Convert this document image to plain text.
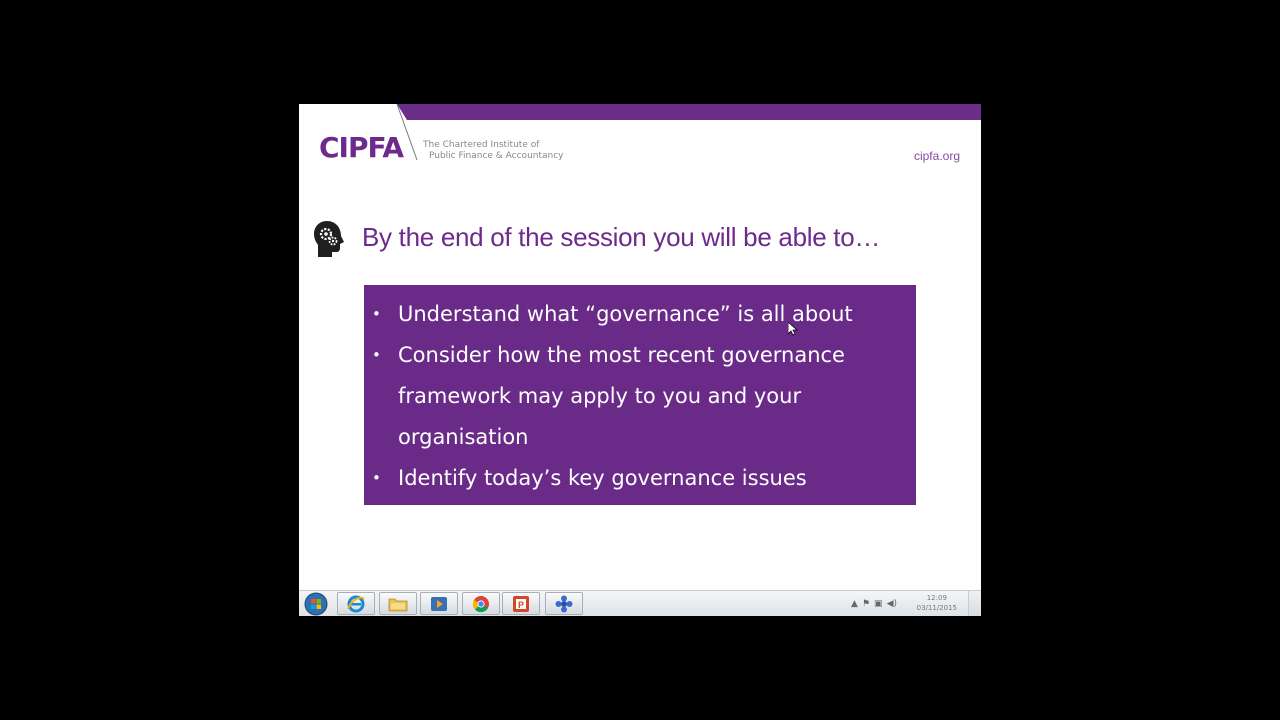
CIPFA The Chartered Institute of
Public Finance & Accountancy	cipfa.org
By the end of the session you will be able to…
• Understand what “governance” is all about
• Consider how the most recent governance framework may apply to you and your organisation
• Identify today’s key governance issues
P	▲ ⚑ ▣ ◀)
12:09
03/11/2015
